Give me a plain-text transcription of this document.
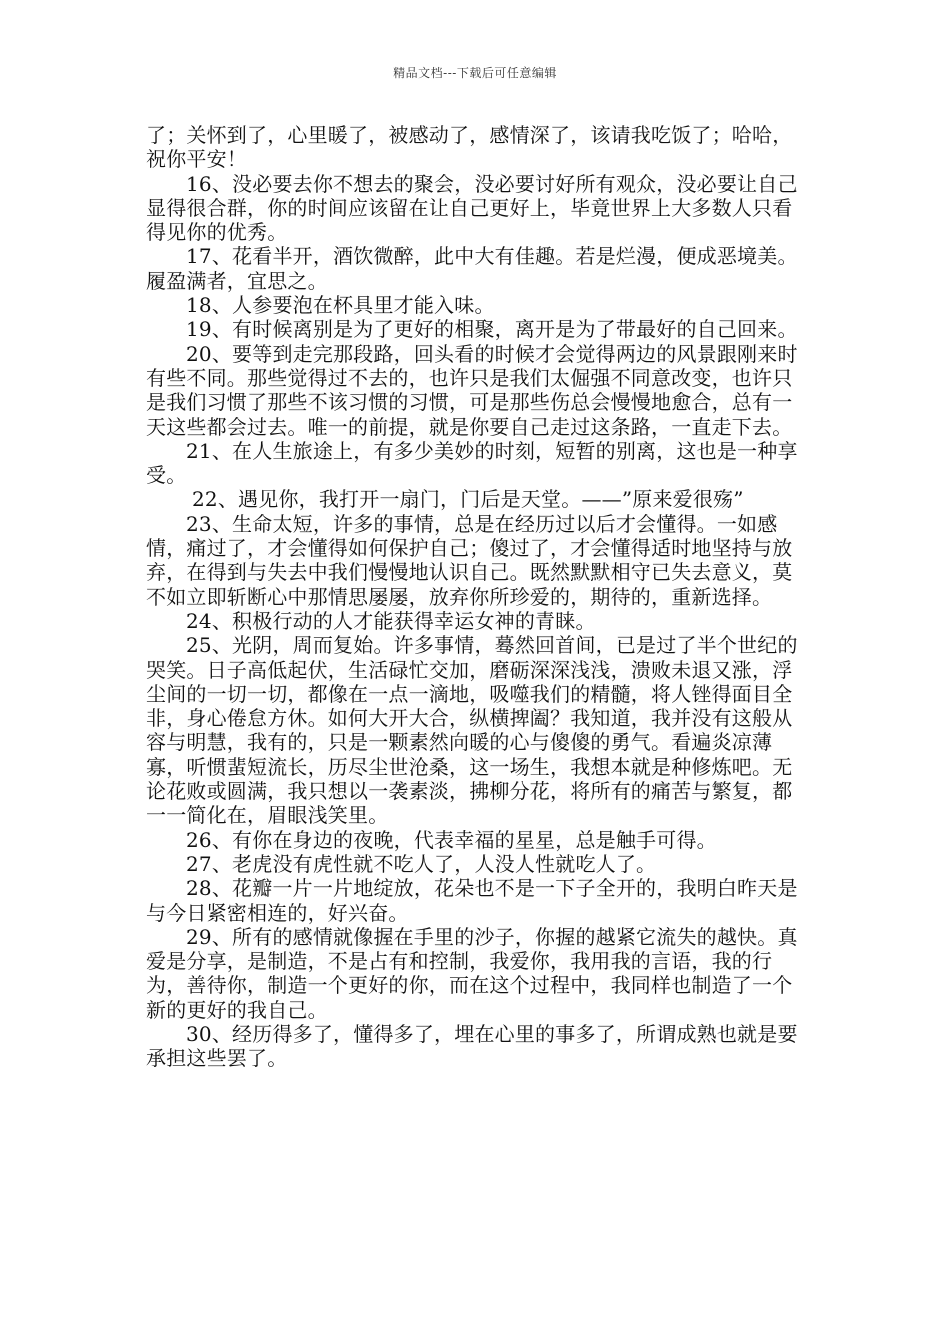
精品文档---下载后可任意编辑

了；关怀到了，心里暖了，被感动了，感情深了，该请我吃饭了；哈哈，祝你平安！

16、没必要去你不想去的聚会，没必要讨好所有观众，没必要让自己显得很合群，你的时间应该留在让自己更好上，毕竟世界上大多数人只看得见你的优秀。

17、花看半开，酒饮微醉，此中大有佳趣。若是烂漫，便成恶境美。履盈满者，宜思之。

18、人参要泡在杯具里才能入味。

19、有时候离别是为了更好的相聚，离开是为了带最好的自己回来。

20、要等到走完那段路，回头看的时候才会觉得两边的风景跟刚来时有些不同。那些觉得过不去的，也许只是我们太倔强不同意改变，也许只是我们习惯了那些不该习惯的习惯，可是那些伤总会慢慢地愈合，总有一天这些都会过去。唯一的前提，就是你要自己走过这条路，一直走下去。

21、在人生旅途上，有多少美妙的时刻，短暂的别离，这也是一种享受。

22、遇见你，我打开一扇门，门后是天堂。——”原来爱很殇”

23、生命太短，许多的事情，总是在经历过以后才会懂得。一如感情，痛过了，才会懂得如何保护自己；傻过了，才会懂得适时地坚持与放弃，在得到与失去中我们慢慢地认识自己。既然默默相守已失去意义，莫不如立即斩断心中那情思屡屡，放弃你所珍爱的，期待的，重新选择。

24、积极行动的人才能获得幸运女神的青睐。

25、光阴，周而复始。许多事情，蓦然回首间，已是过了半个世纪的哭笑。日子高低起伏，生活碌忙交加，磨砺深深浅浅，溃败未退又涨，浮尘间的一切一切，都像在一点一滴地，吸噬我们的精髓，将人锉得面目全非，身心倦怠方休。如何大开大合，纵横捭阖？我知道，我并没有这般从容与明慧，我有的，只是一颗素然向暖的心与傻傻的勇气。看遍炎凉薄寡，听惯蜚短流长，历尽尘世沧桑，这一场生，我想本就是种修炼吧。无论花败或圆满，我只想以一袭素淡，拂柳分花，将所有的痛苦与繁复，都一一简化在，眉眼浅笑里。

26、有你在身边的夜晚，代表幸福的星星，总是触手可得。

27、老虎没有虎性就不吃人了，人没人性就吃人了。

28、花瓣一片一片地绽放，花朵也不是一下子全开的，我明白昨天是与今日紧密相连的，好兴奋。

29、所有的感情就像握在手里的沙子，你握的越紧它流失的越快。真爱是分享，是制造，不是占有和控制，我爱你，我用我的言语，我的行为，善待你，制造一个更好的你，而在这个过程中，我同样也制造了一个新的更好的我自己。

30、经历得多了，懂得多了，埋在心里的事多了，所谓成熟也就是要承担这些罢了。
